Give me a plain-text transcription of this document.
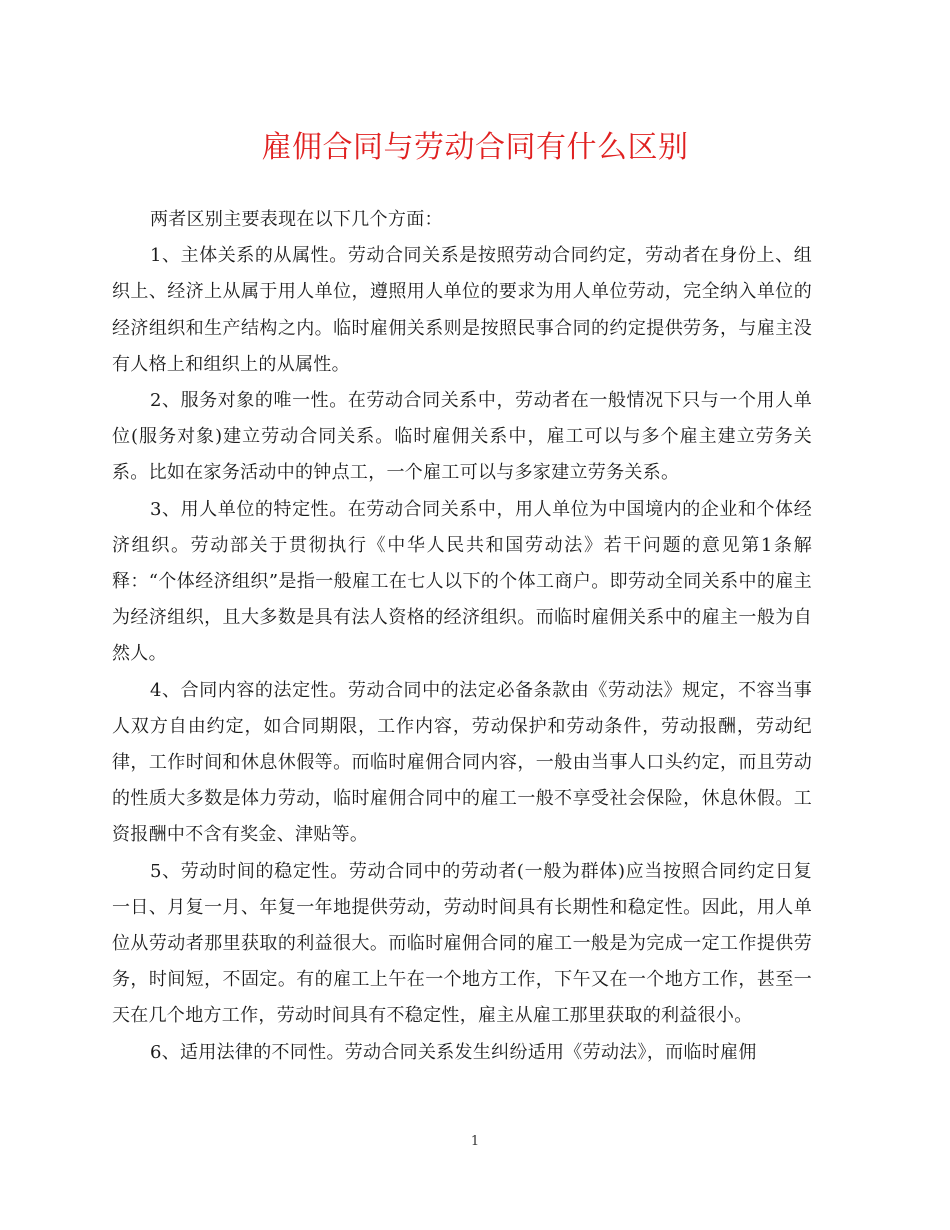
雇佣合同与劳动合同有什么区别

两者区别主要表现在以下几个方面：

1、主体关系的从属性。劳动合同关系是按照劳动合同约定，劳动者在身份上、组织上、经济上从属于用人单位，遵照用人单位的要求为用人单位劳动，完全纳入单位的经济组织和生产结构之内。临时雇佣关系则是按照民事合同的约定提供劳务，与雇主没有人格上和组织上的从属性。

2、服务对象的唯一性。在劳动合同关系中，劳动者在一般情况下只与一个用人单位(服务对象)建立劳动合同关系。临时雇佣关系中，雇工可以与多个雇主建立劳务关系。比如在家务活动中的钟点工，一个雇工可以与多家建立劳务关系。

3、用人单位的特定性。在劳动合同关系中，用人单位为中国境内的企业和个体经济组织。劳动部关于贯彻执行《中华人民共和国劳动法》若干问题的意见第1条解释：“个体经济组织”是指一般雇工在七人以下的个体工商户。即劳动全同关系中的雇主为经济组织，且大多数是具有法人资格的经济组织。而临时雇佣关系中的雇主一般为自然人。

4、合同内容的法定性。劳动合同中的法定必备条款由《劳动法》规定，不容当事人双方自由约定，如合同期限，工作内容，劳动保护和劳动条件，劳动报酬，劳动纪律，工作时间和休息休假等。而临时雇佣合同内容，一般由当事人口头约定，而且劳动的性质大多数是体力劳动，临时雇佣合同中的雇工一般不享受社会保险，休息休假。工资报酬中不含有奖金、津贴等。

5、劳动时间的稳定性。劳动合同中的劳动者(一般为群体)应当按照合同约定日复一日、月复一月、年复一年地提供劳动，劳动时间具有长期性和稳定性。因此，用人单位从劳动者那里获取的利益很大。而临时雇佣合同的雇工一般是为完成一定工作提供劳务，时间短，不固定。有的雇工上午在一个地方工作，下午又在一个地方工作，甚至一天在几个地方工作，劳动时间具有不稳定性，雇主从雇工那里获取的利益很小。

6、适用法律的不同性。劳动合同关系发生纠纷适用《劳动法》，而临时雇佣

1
